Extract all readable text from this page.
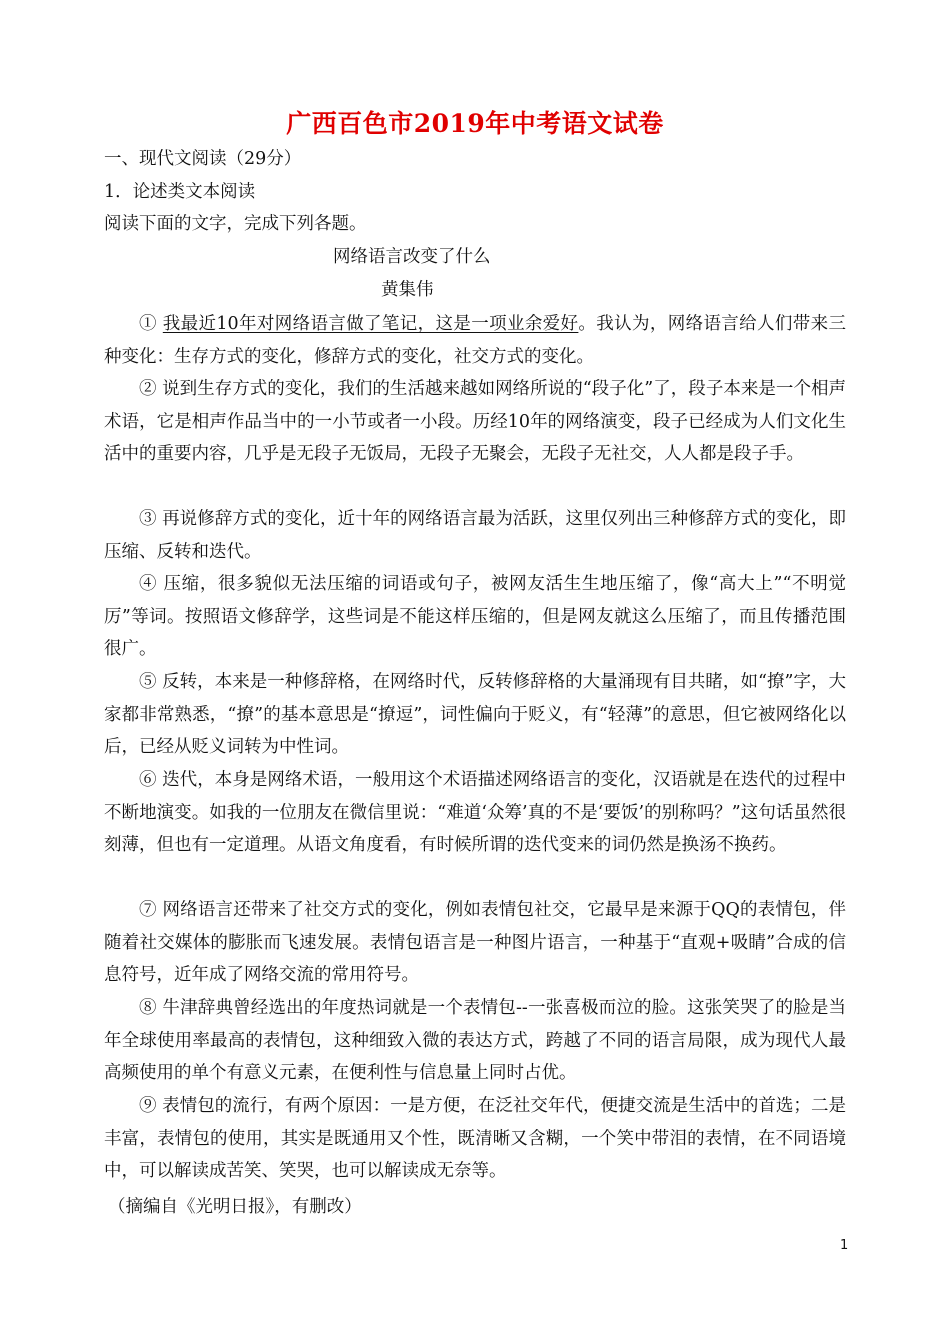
广西百色市2019年中考语文试卷
一、现代文阅读（29分）
1．论述类文本阅读
阅读下面的文字，完成下列各题。
网络语言改变了什么
黄集伟
① 我最近10年对网络语言做了笔记，这是一项业余爱好。我认为，网络语言给人们带来三种变化：生存方式的变化，修辞方式的变化，社交方式的变化。
② 说到生存方式的变化，我们的生活越来越如网络所说的“段子化”了，段子本来是一个相声术语，它是相声作品当中的一小节或者一小段。历经10年的网络演变，段子已经成为人们文化生活中的重要内容，几乎是无段子无饭局，无段子无聚会，无段子无社交，人人都是段子手。
③ 再说修辞方式的变化，近十年的网络语言最为活跃，这里仅列出三种修辞方式的变化，即压缩、反转和迭代。
④ 压缩，很多貌似无法压缩的词语或句子，被网友活生生地压缩了，像“高大上”“不明觉厉”等词。按照语文修辞学，这些词是不能这样压缩的，但是网友就这么压缩了，而且传播范围很广。
⑤ 反转，本来是一种修辞格，在网络时代，反转修辞格的大量涌现有目共睹，如“撩”字，大家都非常熟悉，“撩”的基本意思是“撩逗”，词性偏向于贬义，有“轻薄”的意思，但它被网络化以后，已经从贬义词转为中性词。
⑥ 迭代，本身是网络术语，一般用这个术语描述网络语言的变化，汉语就是在迭代的过程中不断地演变。如我的一位朋友在微信里说：“难道‘众筹’真的不是‘要饭’的别称吗？”这句话虽然很刻薄，但也有一定道理。从语文角度看，有时候所谓的迭代变来的词仍然是换汤不换药。
⑦ 网络语言还带来了社交方式的变化，例如表情包社交，它最早是来源于QQ的表情包，伴随着社交媒体的膨胀而飞速发展。表情包语言是一种图片语言，一种基于“直观+吸睛”合成的信息符号，近年成了网络交流的常用符号。
⑧ 牛津辞典曾经选出的年度热词就是一个表情包--一张喜极而泣的脸。这张笑哭了的脸是当年全球使用率最高的表情包，这种细致入微的表达方式，跨越了不同的语言局限，成为现代人最高频使用的单个有意义元素，在便利性与信息量上同时占优。
⑨ 表情包的流行，有两个原因：一是方便，在泛社交年代，便捷交流是生活中的首选；二是丰富，表情包的使用，其实是既通用又个性，既清晰又含糊，一个笑中带泪的表情，在不同语境中，可以解读成苦笑、笑哭，也可以解读成无奈等。
（摘编自《光明日报》，有删改）
1
